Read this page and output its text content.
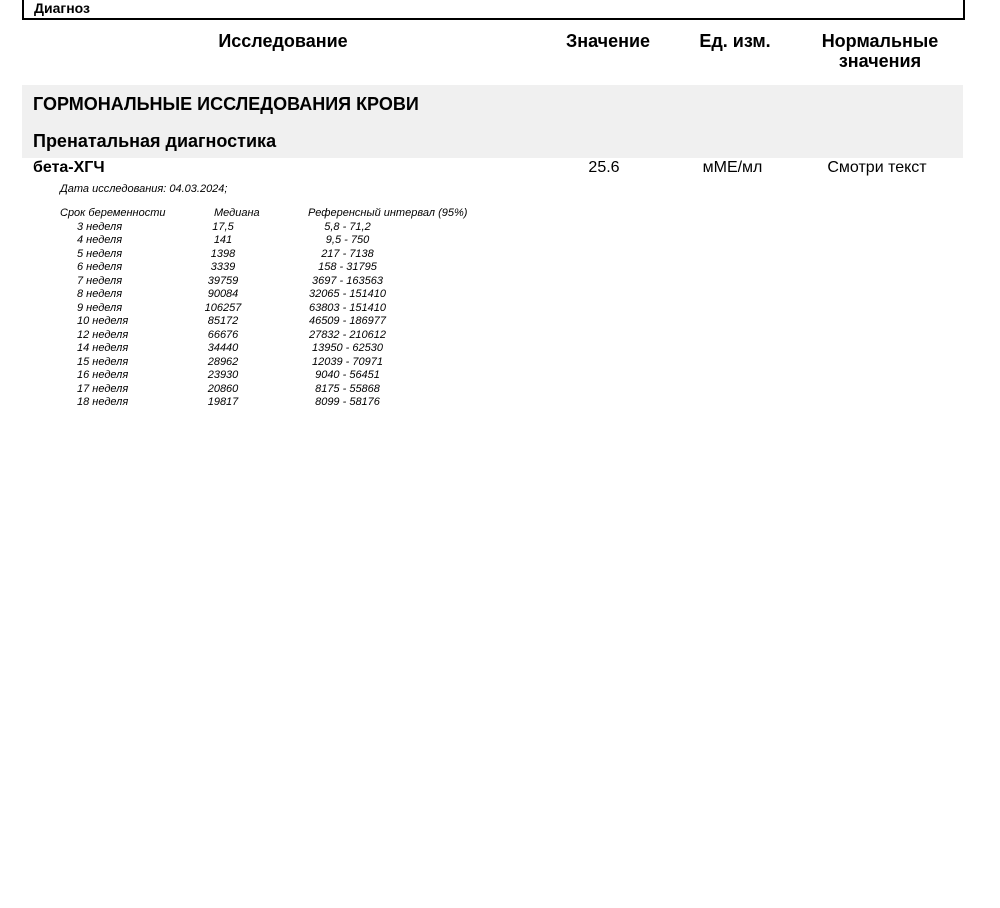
Диагноз
Исследование	Значение	Ед. изм.	Нормальные
значения
ГОРМОНАЛЬНЫЕ ИССЛЕДОВАНИЯ КРОВИ
Пренатальная диагностика
бета-ХГЧ	25.6	мМЕ/мл	Смотри текст
Дата исследования: 04.03.2024;
Срок беременности	Медиана	Референсный интервал (95%)
3 неделя	17,5	5,8 - 71,2
4 неделя	141	9,5 - 750
5 неделя	1398	217 - 7138
6 неделя	3339	158 - 31795
7 неделя	39759	3697 - 163563
8 неделя	90084	32065 - 151410
9 неделя	106257	63803 - 151410
10 неделя	85172	46509 - 186977
12 неделя	66676	27832 - 210612
14 неделя	34440	13950 - 62530
15 неделя	28962	12039 - 70971
16 неделя	23930	9040 - 56451
17 неделя	20860	8175 - 55868
18 неделя	19817	8099 - 58176
